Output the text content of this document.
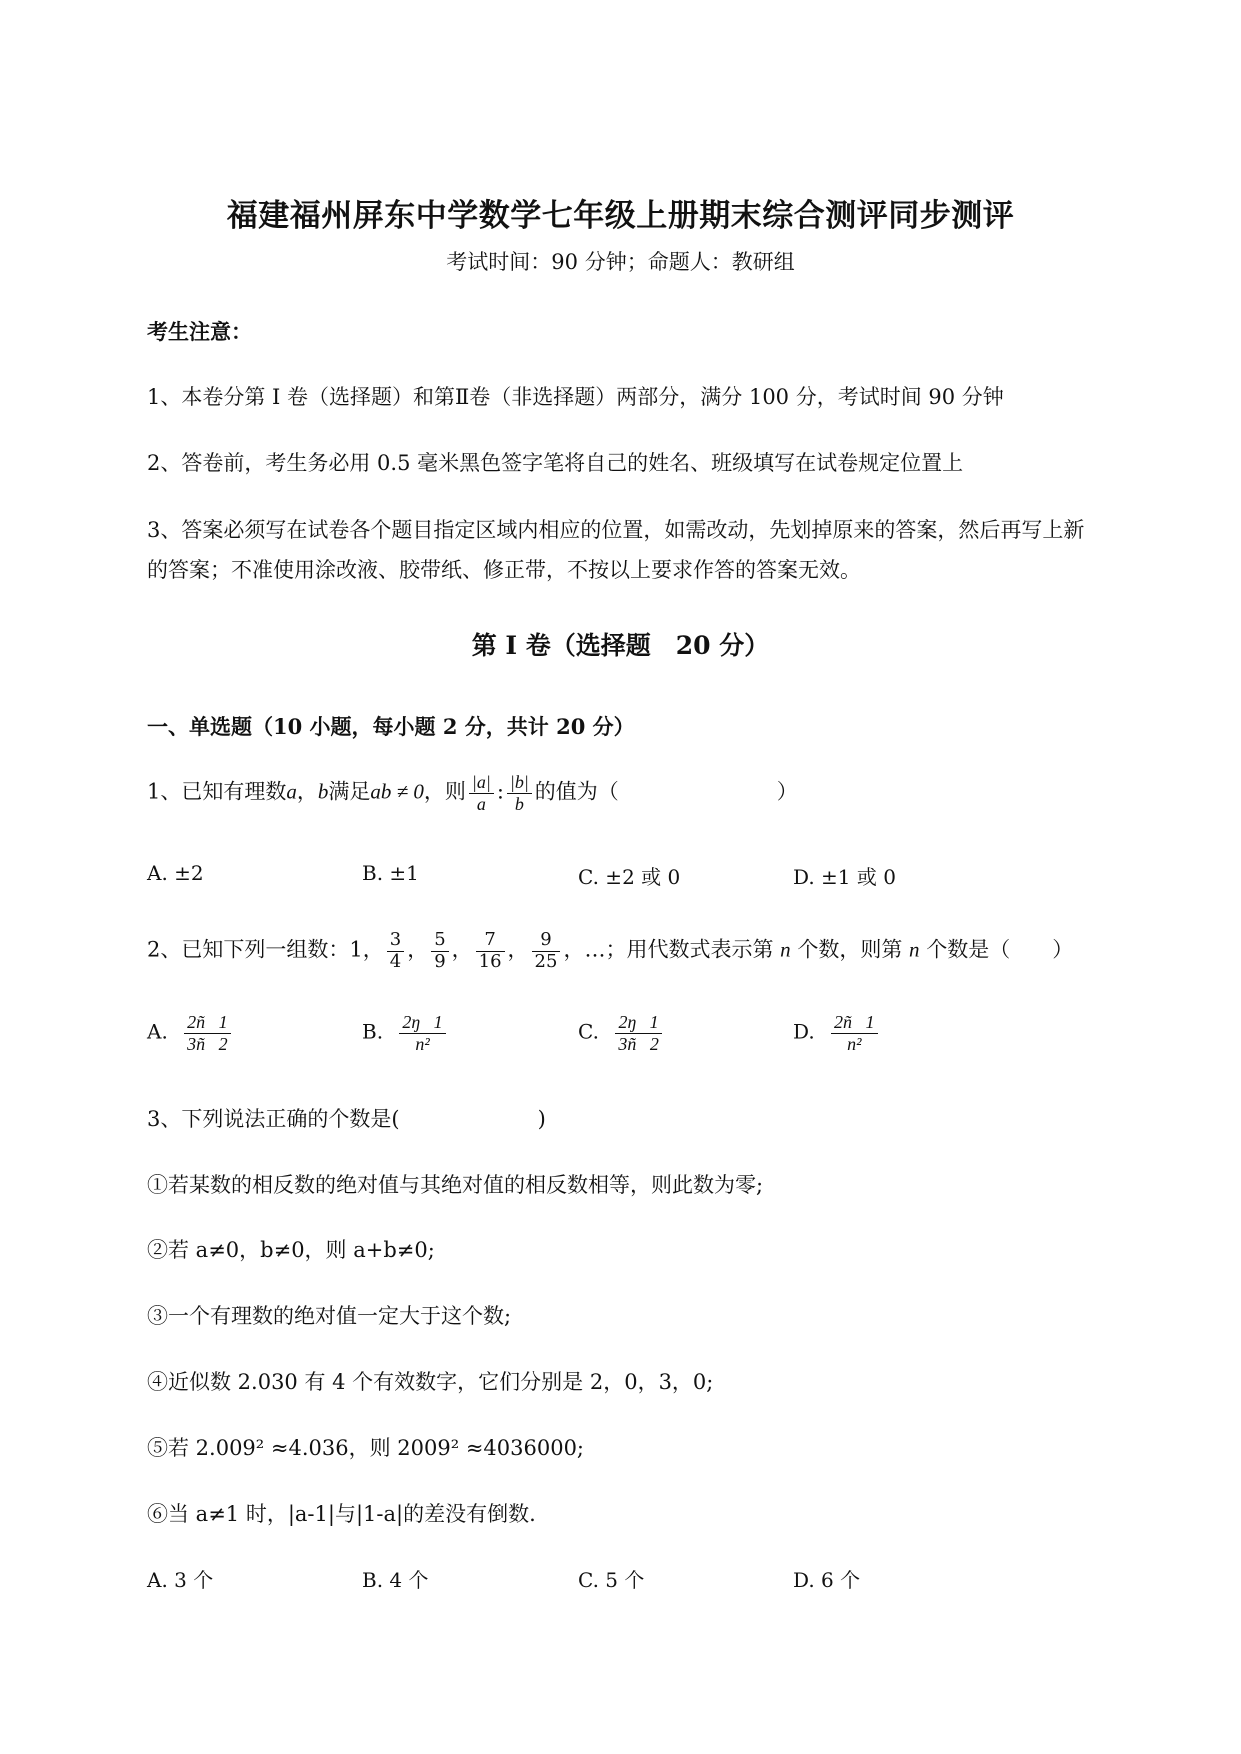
福建福州屏东中学数学七年级上册期末综合测评同步测评
考试时间：90 分钟；命题人：教研组
考生注意：
1、本卷分第 I 卷（选择题）和第Ⅱ卷（非选择题）两部分，满分 100 分，考试时间 90 分钟
2、答卷前，考生务必用 0.5 毫米黑色签字笔将自己的姓名、班级填写在试卷规定位置上
3、答案必须写在试卷各个题目指定区域内相应的位置，如需改动，先划掉原来的答案，然后再写上新
的答案；不准使用涂改液、胶带纸、修正带，不按以上要求作答的答案无效。
第 I 卷（选择题　20 分）
一、单选题（10 小题，每小题 2 分，共计 20 分）
1、已知有理数a，b满足ab ≠ 0，则 $\frac{|a|}{a}$ : $\frac{|b|}{b}$ 的值为（	）
A. ±2	B. ±1	C. ±2 或 0	D. ±1 或 0
2、已知下列一组数：1， $\frac{3}{4}$ ， $\frac{5}{9}$ ， $\frac{7}{16}$ ， $\frac{9}{25}$ ，…；用代数式表示第 n 个数，则第 n 个数是（ ）
A. $\frac{2ñ 1}{3ñ 2}$	B. $\frac{2ŋ 1}{\text{n²}}$	C. $\frac{2ŋ 1}{3ñ 2}$	D. $\frac{2ñ 1}{\text{n²}}$
3、下列说法正确的个数是(	)
①若某数的相反数的绝对值与其绝对值的相反数相等，则此数为零;
②若 a≠0，b≠0，则 a+b≠0;
③一个有理数的绝对值一定大于这个数;
④近似数 2.030 有 4 个有效数字，它们分别是 2，0，3，0;
⑤若 2.009² ≈4.036，则 2009² ≈4036000;
⑥当 a≠1 时，|a-1|与|1-a|的差没有倒数.
A. 3 个	B. 4 个	C. 5 个	D. 6 个
